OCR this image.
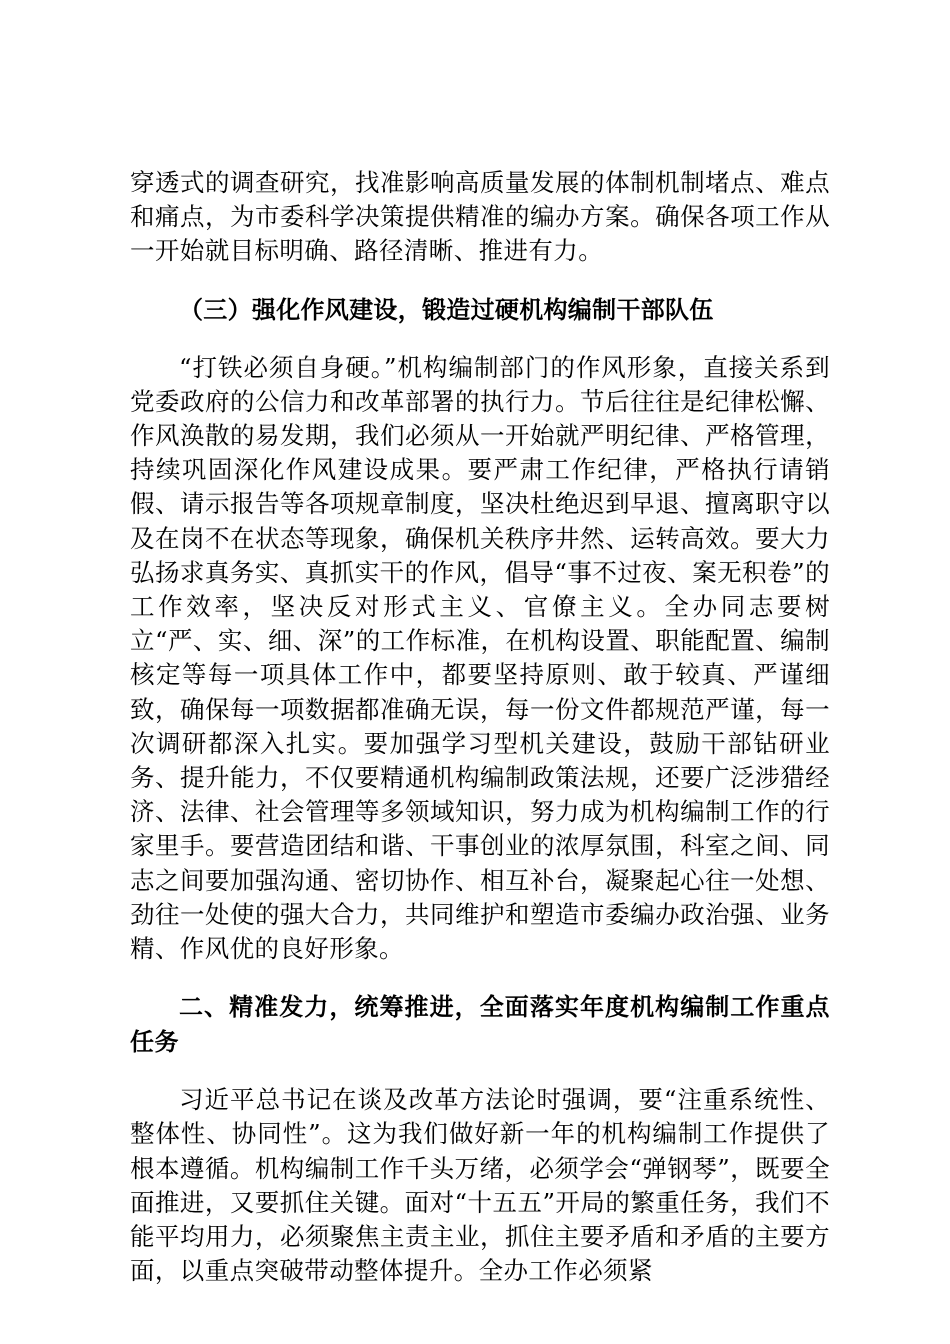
穿透式的调查研究，找准影响高质量发展的体制机制堵点、难点和痛点，为市委科学决策提供精准的编办方案。确保各项工作从一开始就目标明确、路径清晰、推进有力。

（三）强化作风建设，锻造过硬机构编制干部队伍

“打铁必须自身硬。”机构编制部门的作风形象，直接关系到党委政府的公信力和改革部署的执行力。节后往往是纪律松懈、作风涣散的易发期，我们必须从一开始就严明纪律、严格管理，持续巩固深化作风建设成果。要严肃工作纪律，严格执行请销假、请示报告等各项规章制度，坚决杜绝迟到早退、擅离职守以及在岗不在状态等现象，确保机关秩序井然、运转高效。要大力弘扬求真务实、真抓实干的作风，倡导“事不过夜、案无积卷”的工作效率，坚决反对形式主义、官僚主义。全办同志要树立“严、实、细、深”的工作标准，在机构设置、职能配置、编制核定等每一项具体工作中，都要坚持原则、敢于较真、严谨细致，确保每一项数据都准确无误，每一份文件都规范严谨，每一次调研都深入扎实。要加强学习型机关建设，鼓励干部钻研业务、提升能力，不仅要精通机构编制政策法规，还要广泛涉猎经济、法律、社会管理等多领域知识，努力成为机构编制工作的行家里手。要营造团结和谐、干事创业的浓厚氛围，科室之间、同志之间要加强沟通、密切协作、相互补台，凝聚起心往一处想、劲往一处使的强大合力，共同维护和塑造市委编办政治强、业务精、作风优的良好形象。

二、精准发力，统筹推进，全面落实年度机构编制工作重点任务

习近平总书记在谈及改革方法论时强调，要“注重系统性、整体性、协同性”。这为我们做好新一年的机构编制工作提供了根本遵循。机构编制工作千头万绪，必须学会“弹钢琴”，既要全面推进，又要抓住关键。面对“十五五”开局的繁重任务，我们不能平均用力，必须聚焦主责主业，抓住主要矛盾和矛盾的主要方面，以重点突破带动整体提升。全办工作必须紧
